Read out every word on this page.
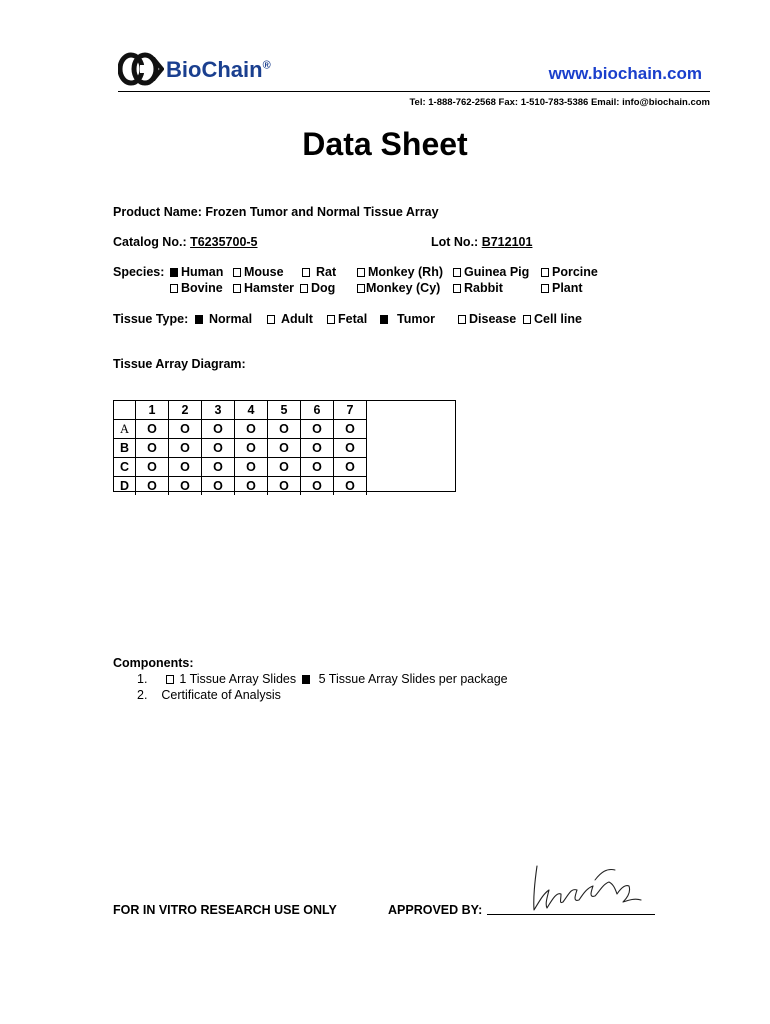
BioChain®	www.biochain.com
Tel: 1-888-762-2568 Fax: 1-510-783-5386 Email: info@biochain.com
Data Sheet
Product Name: Frozen Tumor and Normal Tissue Array
Catalog No.: T6235700-5	Lot No.: B712101
Species:	Human	Mouse	Rat	Monkey (Rh)	Guinea Pig	Porcine
Bovine	Hamster	Dog	Monkey (Cy)	Rabbit	Plant
Tissue Type:	Normal	Adult	Fetal	Tumor	Disease	Cell line
Tissue Array Diagram:
	1	2	3	4	5	6	7
A	O	O	O	O	O	O	O
B	O	O	O	O	O	O	O
C	O	O	O	O	O	O	O
D	O	O	O	O	O	O	O
Components:
1.	1 Tissue Array Slides 5 Tissue Array Slides per package
2. Certificate of Analysis
FOR IN VITRO RESEARCH USE ONLY	APPROVED BY:
